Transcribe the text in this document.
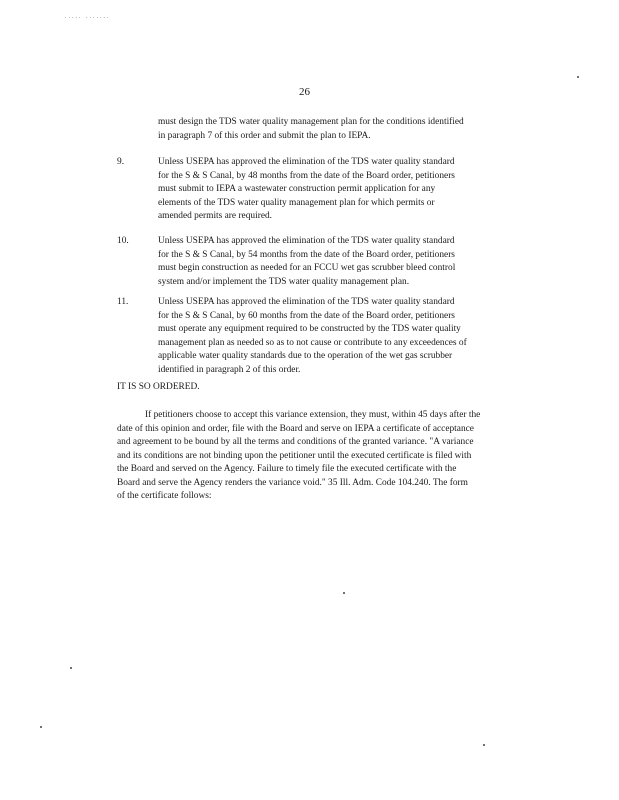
..... .......
26

must design the TDS water quality management plan for the conditions identified

in paragraph 7 of this order and submit the plan to IEPA.

9.	Unless USEPA has approved the elimination of the TDS water quality standard

for the S & S Canal, by 48 months from the date of the Board order, petitioners

must submit to IEPA a wastewater construction permit application for any

elements of the TDS water quality management plan for which permits or

amended permits are required.

10.	Unless USEPA has approved the elimination of the TDS water quality standard

for the S & S Canal, by 54 months from the date of the Board order, petitioners

must begin construction as needed for an FCCU wet gas scrubber bleed control

system and/or implement the TDS water quality management plan.

11.	Unless USEPA has approved the elimination of the TDS water quality standard

for the S & S Canal, by 60 months from the date of the Board order, petitioners

must operate any equipment required to be constructed by the TDS water quality

management plan as needed so as to not cause or contribute to any exceedences of

applicable water quality standards due to the operation of the wet gas scrubber

identified in paragraph 2 of this order.

IT IS SO ORDERED.

If petitioners choose to accept this variance extension, they must, within 45 days after the

date of this opinion and order, file with the Board and serve on IEPA a certificate of acceptance

and agreement to be bound by all the terms and conditions of the granted variance. "A variance

and its conditions are not binding upon the petitioner until the executed certificate is filed with

the Board and served on the Agency. Failure to timely file the executed certificate with the

Board and serve the Agency renders the variance void." 35 Ill. Adm. Code 104.240. The form

of the certificate follows:
